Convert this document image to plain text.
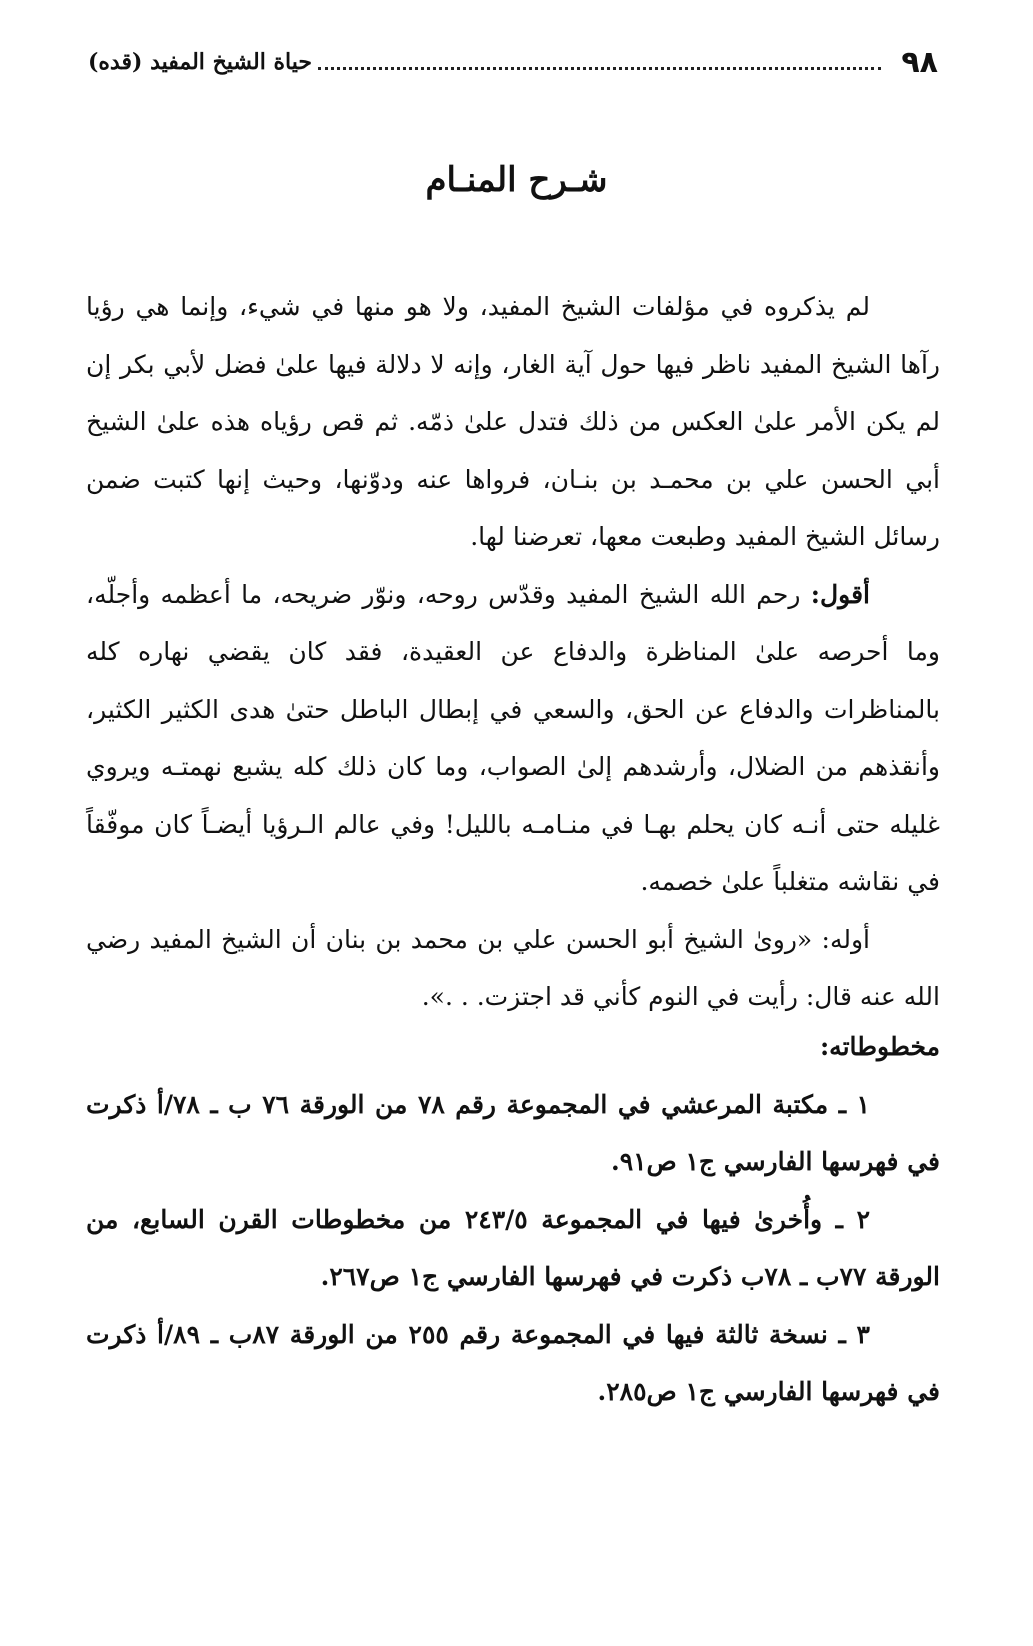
٩٨
حياة الشيخ المفيد (قده)
شـرح المنـام

لم يذكروه في مؤلفات الشيخ المفيد، ولا هو منها في شيء، وإنما هي رؤيا رآها الشيخ المفيد ناظر فيها حول آية الغار، وإنه لا دلالة فيها علىٰ فضل لأبي بكر إن لم يكن الأمر علىٰ العكس من ذلك فتدل علىٰ ذمّه. ثم قص رؤياه هذه علىٰ الشيخ أبي الحسن علي بن محمـد بن بنـان، فرواها عنه ودوّنها، وحيث إنها كتبت ضمن رسائل الشيخ المفيد وطبعت معها، تعرضنا لها.

أقول: رحم الله الشيخ المفيد وقدّس روحه، ونوّر ضريحه، ما أعظمه وأجلّه، وما أحرصه علىٰ المناظرة والدفاع عن العقيدة، فقد كان يقضي نهاره كله بالمناظرات والدفاع عن الحق، والسعي في إبطال الباطل حتىٰ هدى الكثير الكثير، وأنقذهم من الضلال، وأرشدهم إلىٰ الصواب، وما كان ذلك كله يشبع نهمتـه ويروي غليله حتى أنـه كان يحلم بهـا في منـامـه بالليل! وفي عالم الـرؤيا أيضـاً كان موفّقاً في نقاشه متغلباً علىٰ خصمه.

أوله: «روىٰ الشيخ أبو الحسن علي بن محمد بن بنان أن الشيخ المفيد رضي الله عنه قال: رأيت في النوم كأني قد اجتزت. . .».

مخطوطاته:

١ ـ مكتبة المرعشي في المجموعة رقم ٧٨ من الورقة ٧٦ ب ـ ٧٨/أ ذكرت في فهرسها الفارسي ج١ ص٩١.

٢ ـ وأُخرىٰ فيها في المجموعة ٢٤٣/٥ من مخطوطات القرن السابع، من الورقة ٧٧ب ـ ٧٨ب ذكرت في فهرسها الفارسي ج١ ص٢٦٧.

٣ ـ نسخة ثالثة فيها في المجموعة رقم ٢٥٥ من الورقة ٨٧ب ـ ٨٩/أ ذكرت في فهرسها الفارسي ج١ ص٢٨٥.
